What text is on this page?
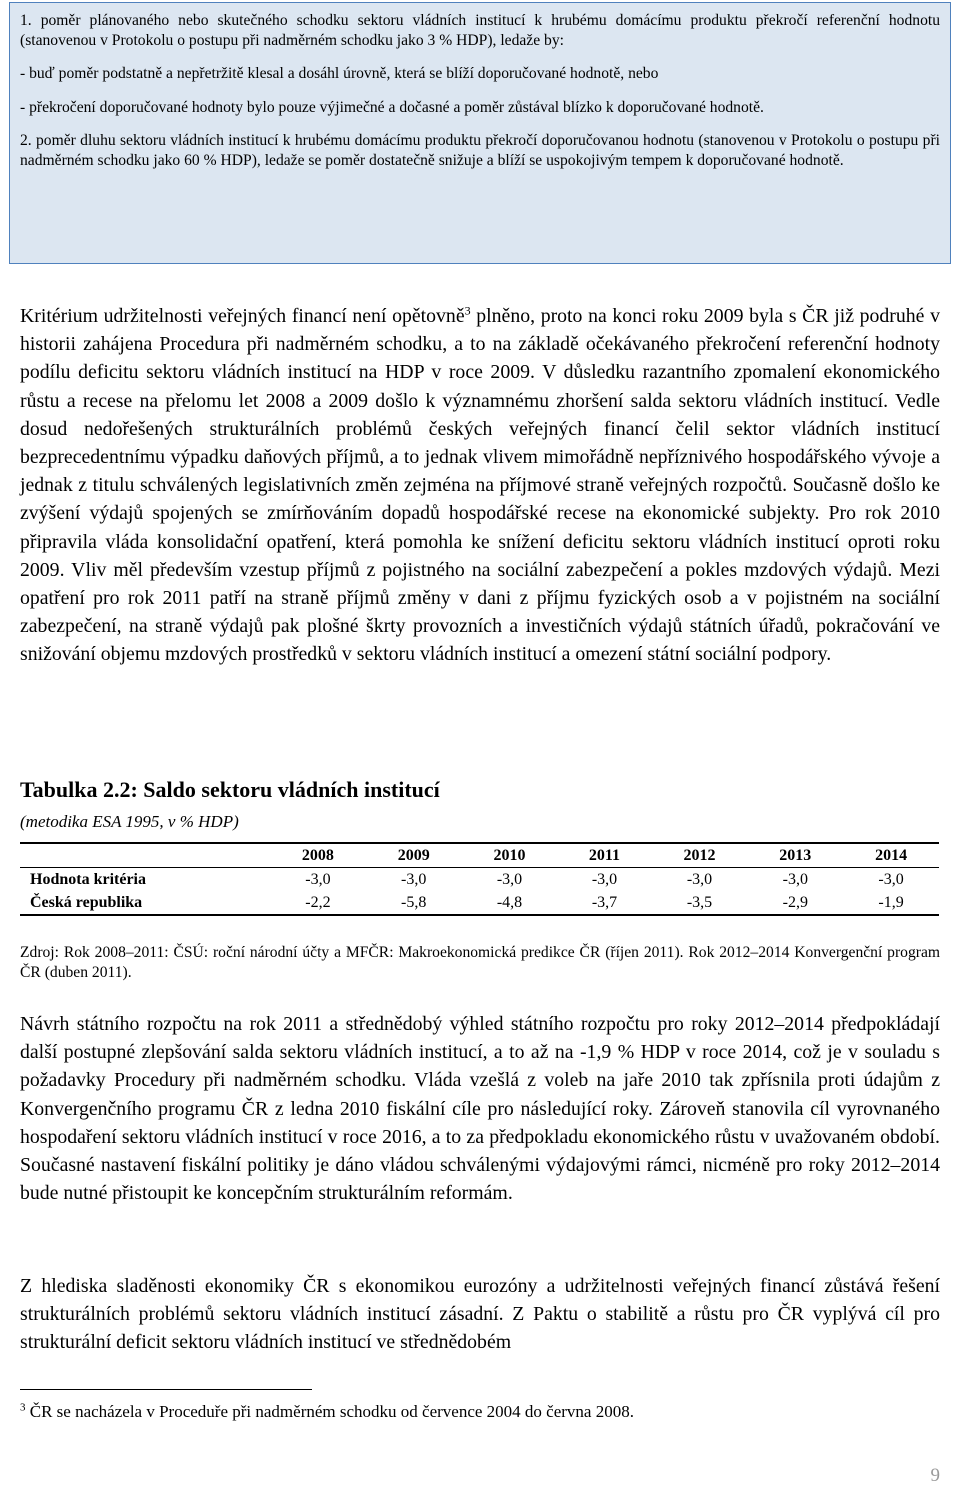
1. poměr plánovaného nebo skutečného schodku sektoru vládních institucí k hrubému domácímu produktu překročí referenční hodnotu (stanovenou v Protokolu o postupu při nadměrném schodku jako 3 % HDP), ledaže by:

- buď poměr podstatně a nepřetržitě klesal a dosáhl úrovně, která se blíží doporučované hodnotě, nebo

- překročení doporučované hodnoty bylo pouze výjimečné a dočasné a poměr zůstával blízko k doporučované hodnotě.

2. poměr dluhu sektoru vládních institucí k hrubému domácímu produktu překročí doporučovanou hodnotu (stanovenou v Protokolu o postupu při nadměrném schodku jako 60 % HDP), ledaže se poměr dostatečně snižuje a blíží se uspokojivým tempem k doporučované hodnotě.

Kritérium udržitelnosti veřejných financí není opětovně$^3$ plněno, proto na konci roku 2009 byla s ČR již podruhé v historii zahájena Procedura při nadměrném schodku, a to na základě očekávaného překročení referenční hodnoty podílu deficitu sektoru vládních institucí na HDP v roce 2009. V důsledku razantního zpomalení ekonomického růstu a recese na přelomu let 2008 a 2009 došlo k významnému zhoršení salda sektoru vládních institucí. Vedle dosud nedořešených strukturálních problémů českých veřejných financí čelil sektor vládních institucí bezprecedentnímu výpadku daňových příjmů, a to jednak vlivem mimořádně nepříznivého hospodářského vývoje a jednak z titulu schválených legislativních změn zejména na příjmové straně veřejných rozpočtů. Současně došlo ke zvýšení výdajů spojených se zmírňováním dopadů hospodářské recese na ekonomické subjekty. Pro rok 2010 připravila vláda konsolidační opatření, která pomohla ke snížení deficitu sektoru vládních institucí oproti roku 2009. Vliv měl především vzestup příjmů z pojistného na sociální zabezpečení a pokles mzdových výdajů. Mezi opatření pro rok 2011 patří na straně příjmů změny v dani z příjmu fyzických osob a v pojistném na sociální zabezpečení, na straně výdajů pak plošné škrty provozních a investičních výdajů státních úřadů, pokračování ve snižování objemu mzdových prostředků v sektoru vládních institucí a omezení státní sociální podpory.

Tabulka 2.2: Saldo sektoru vládních institucí

(metodika ESA 1995, v % HDP)

	2008	2009	2010	2011	2012	2013	2014
Hodnota kritéria	-3,0	-3,0	-3,0	-3,0	-3,0	-3,0	-3,0
Česká republika	-2,2	-5,8	-4,8	-3,7	-3,5	-2,9	-1,9

Zdroj: Rok 2008–2011: ČSÚ: roční národní účty a MFČR: Makroekonomická predikce ČR (říjen 2011). Rok 2012–2014 Konvergenční program ČR (duben 2011).

Návrh státního rozpočtu na rok 2011 a střednědobý výhled státního rozpočtu pro roky 2012–2014 předpokládají další postupné zlepšování salda sektoru vládních institucí, a to až na -1,9 % HDP v roce 2014, což je v souladu s požadavky Procedury při nadměrném schodku. Vláda vzešlá z voleb na jaře 2010 tak zpřísnila proti údajům z Konvergenčního programu ČR z ledna 2010 fiskální cíle pro následující roky. Zároveň stanovila cíl vyrovnaného hospodaření sektoru vládních institucí v roce 2016, a to za předpokladu ekonomického růstu v uvažovaném období. Současné nastavení fiskální politiky je dáno vládou schválenými výdajovými rámci, nicméně pro roky 2012–2014 bude nutné přistoupit ke koncepčním strukturálním reformám.

Z hlediska sladěnosti ekonomiky ČR s ekonomikou eurozóny a udržitelnosti veřejných financí zůstává řešení strukturálních problémů sektoru vládních institucí zásadní. Z Paktu o stabilitě a růstu pro ČR vyplývá cíl pro strukturální deficit sektoru vládních institucí ve střednědobém

$^3$ ČR se nacházela v Proceduře při nadměrném schodku od července 2004 do června 2008.

9
